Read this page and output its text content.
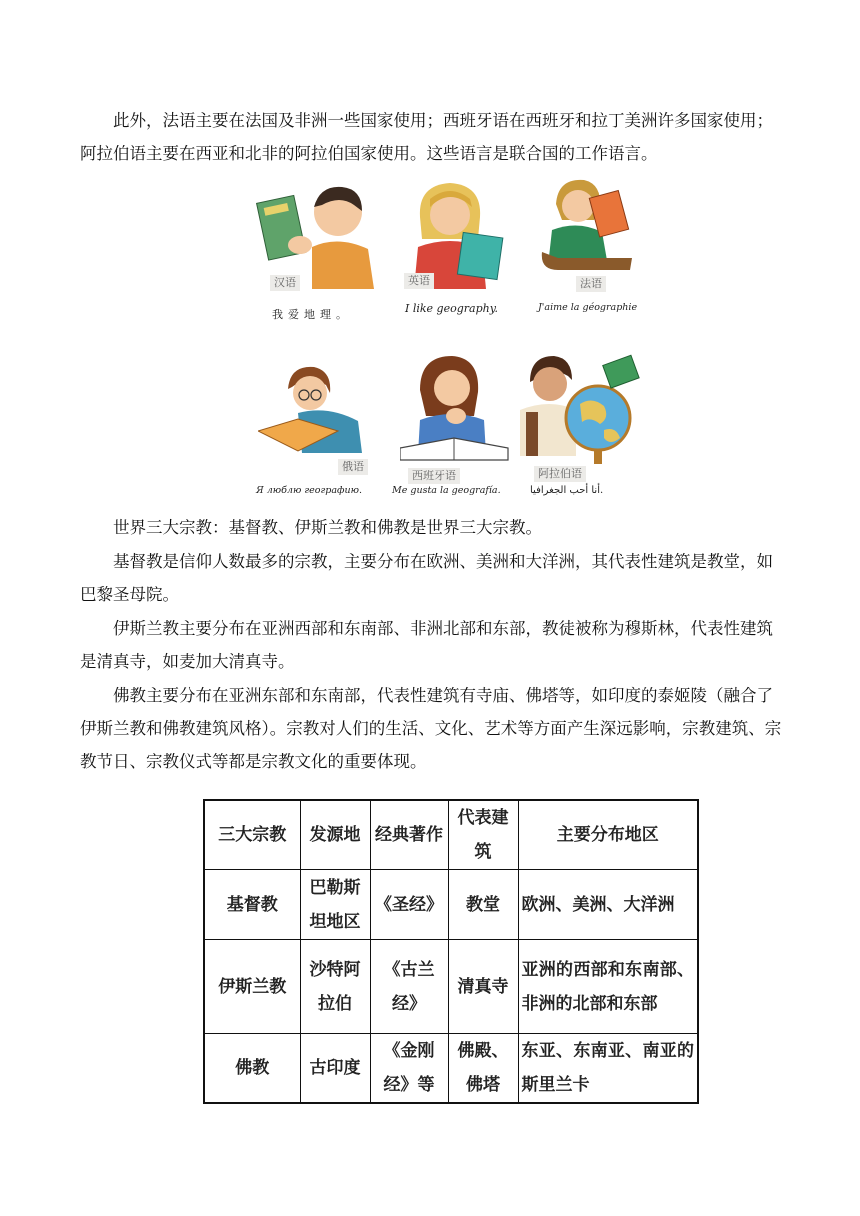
此外，法语主要在法国及非洲一些国家使用；西班牙语在西班牙和拉丁美洲许多国家使用；阿拉伯语主要在西亚和北非的阿拉伯国家使用。这些语言是联合国的工作语言。

汉语
我爱地理。
英语
I like geography.
法语
J'aime la géographie
俄语
Я люблю географию.
西班牙语
Me gusta la geografía.
阿拉伯语
أنا أحب الجغرافيا.

世界三大宗教：基督教、伊斯兰教和佛教是世界三大宗教。

基督教是信仰人数最多的宗教，主要分布在欧洲、美洲和大洋洲，其代表性建筑是教堂，如巴黎圣母院。

伊斯兰教主要分布在亚洲西部和东南部、非洲北部和东部，教徒被称为穆斯林，代表性建筑是清真寺，如麦加大清真寺。

佛教主要分布在亚洲东部和东南部，代表性建筑有寺庙、佛塔等，如印度的泰姬陵（融合了伊斯兰教和佛教建筑风格）。宗教对人们的生活、文化、艺术等方面产生深远影响，宗教建筑、宗教节日、宗教仪式等都是宗教文化的重要体现。

三大宗教	发源地	经典著作	代表建筑	主要分布地区
基督教	巴勒斯坦地区	《圣经》	教堂	欧洲、美洲、大洋洲
伊斯兰教	沙特阿拉伯	《古兰经》	清真寺	亚洲的西部和东南部、非洲的北部和东部
佛教	古印度	《金刚经》等	佛殿、佛塔	东亚、东南亚、南亚的斯里兰卡
